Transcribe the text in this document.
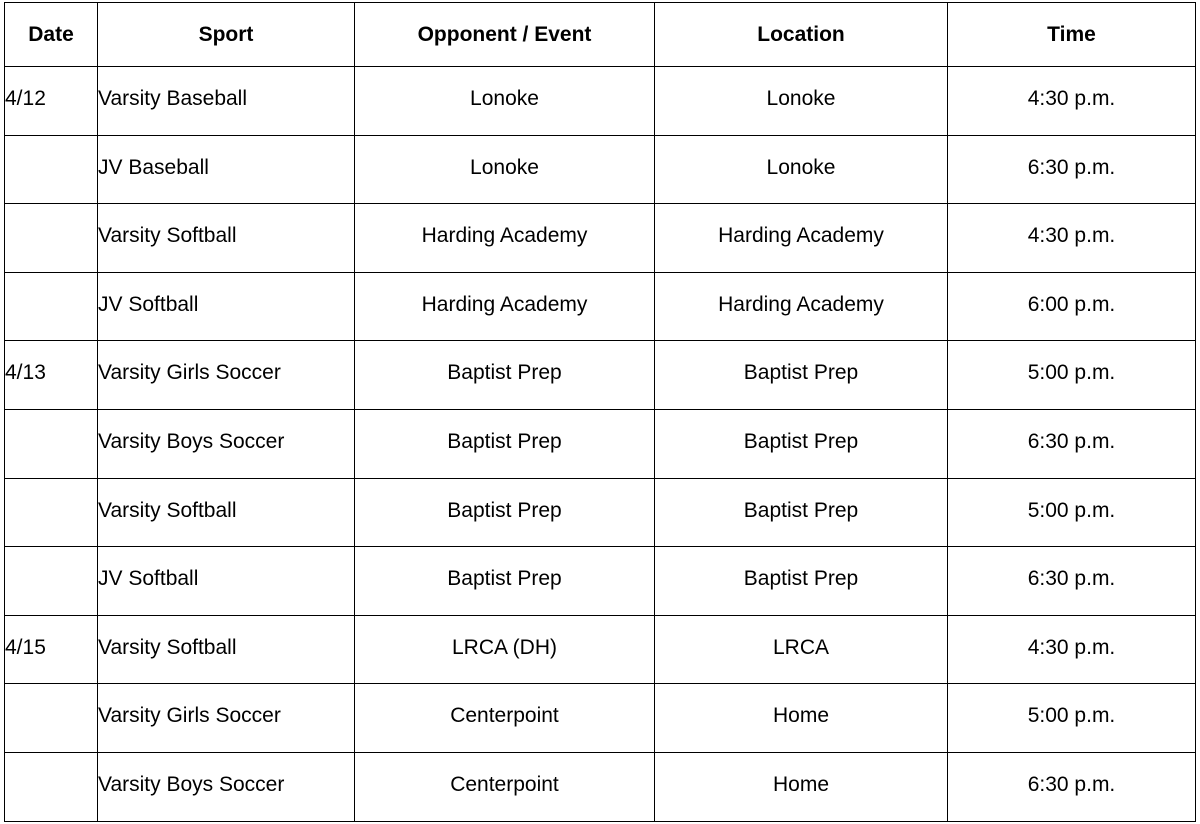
Date	Sport	Opponent / Event	Location	Time
4/12	Varsity Baseball	Lonoke	Lonoke	4:30 p.m.
	JV Baseball	Lonoke	Lonoke	6:30 p.m.
	Varsity Softball	Harding Academy	Harding Academy	4:30 p.m.
	JV Softball	Harding Academy	Harding Academy	6:00 p.m.
4/13	Varsity Girls Soccer	Baptist Prep	Baptist Prep	5:00 p.m.
	Varsity Boys Soccer	Baptist Prep	Baptist Prep	6:30 p.m.
	Varsity Softball	Baptist Prep	Baptist Prep	5:00 p.m.
	JV Softball	Baptist Prep	Baptist Prep	6:30 p.m.
4/15	Varsity Softball	LRCA (DH)	LRCA	4:30 p.m.
	Varsity Girls Soccer	Centerpoint	Home	5:00 p.m.
	Varsity Boys Soccer	Centerpoint	Home	6:30 p.m.
